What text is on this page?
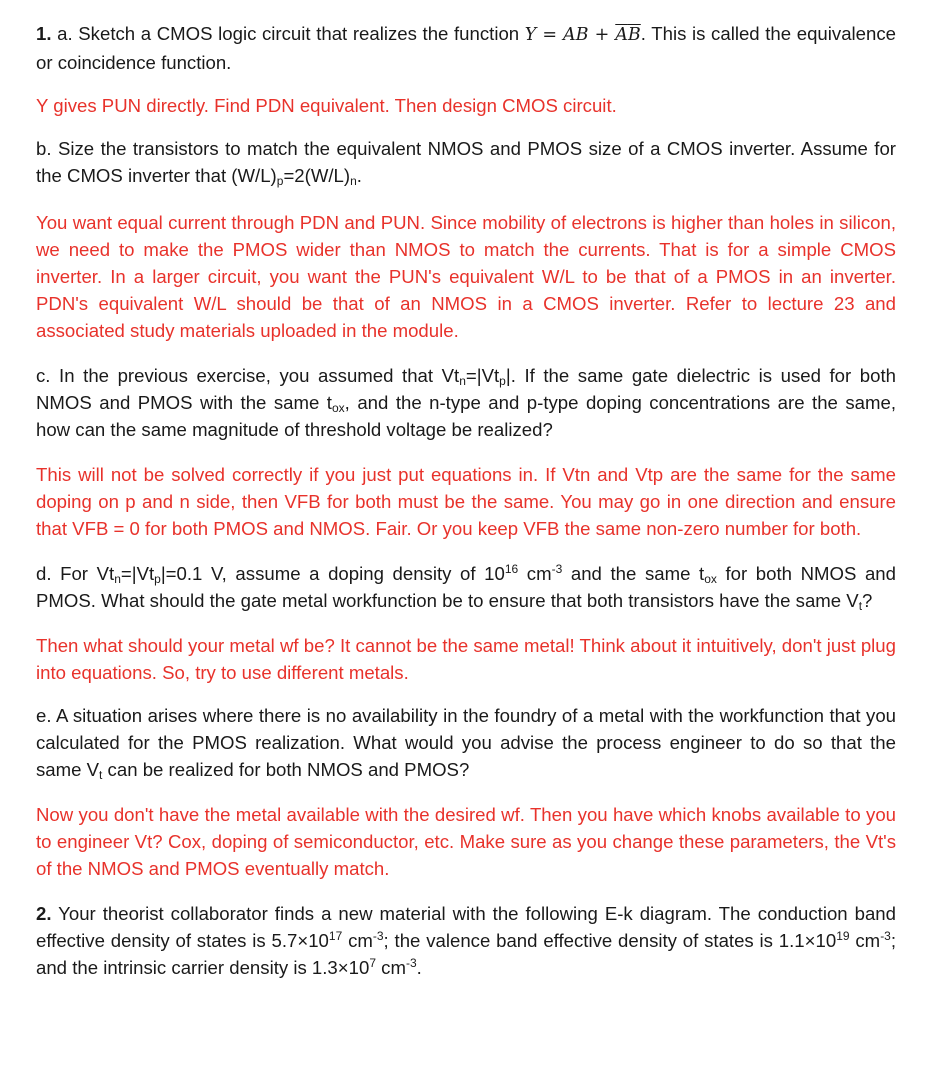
1. a. Sketch a CMOS logic circuit that realizes the function Y = AB + $\overline{A}\overline{B}$. This is called the equivalence or coincidence function.

Y gives PUN directly. Find PDN equivalent. Then design CMOS circuit.

b. Size the transistors to match the equivalent NMOS and PMOS size of a CMOS inverter. Assume for the CMOS inverter that $(W/L)_p=2(W/L)_n$.

You want equal current through PDN and PUN. Since mobility of electrons is higher than holes in silicon, we need to make the PMOS wider than NMOS to match the currents. That is for a simple CMOS inverter. In a larger circuit, you want the PUN's equivalent W/L to be that of a PMOS in an inverter. PDN's equivalent W/L should be that of an NMOS in a CMOS inverter. Refer to lecture 23 and associated study materials uploaded in the module.

c. In the previous exercise, you assumed that $Vt_n=|Vt_p|$. If the same gate dielectric is used for both NMOS and PMOS with the same $t_{ox}$, and the n-type and p-type doping concentrations are the same, how can the same magnitude of threshold voltage be realized?

This will not be solved correctly if you just put equations in. If Vtn and Vtp are the same for the same doping on p and n side, then VFB for both must be the same. You may go in one direction and ensure that VFB = 0 for both PMOS and NMOS. Fair. Or you keep VFB the same non-zero number for both.

d. For $Vt_n=|Vt_p|=0.1$ V, assume a doping density of $10^{16}$ $cm^{-3}$ and the same $t_{ox}$ for both NMOS and PMOS. What should the gate metal workfunction be to ensure that both transistors have the same $V_t$?

Then what should your metal wf be? It cannot be the same metal! Think about it intuitively, don't just plug into equations. So, try to use different metals.

e. A situation arises where there is no availability in the foundry of a metal with the workfunction that you calculated for the PMOS realization. What would you advise the process engineer to do so that the same $V_t$ can be realized for both NMOS and PMOS?

Now you don't have the metal available with the desired wf. Then you have which knobs available to you to engineer Vt? Cox, doping of semiconductor, etc. Make sure as you change these parameters, the Vt's of the NMOS and PMOS eventually match.

2. Your theorist collaborator finds a new material with the following E-k diagram. The conduction band effective density of states is $5.7\times 10^{17}$ $cm^{-3}$; the valence band effective density of states is $1.1\times 10^{19}$ $cm^{-3}$; and the intrinsic carrier density is $1.3\times 10^7$ $cm^{-3}$.
